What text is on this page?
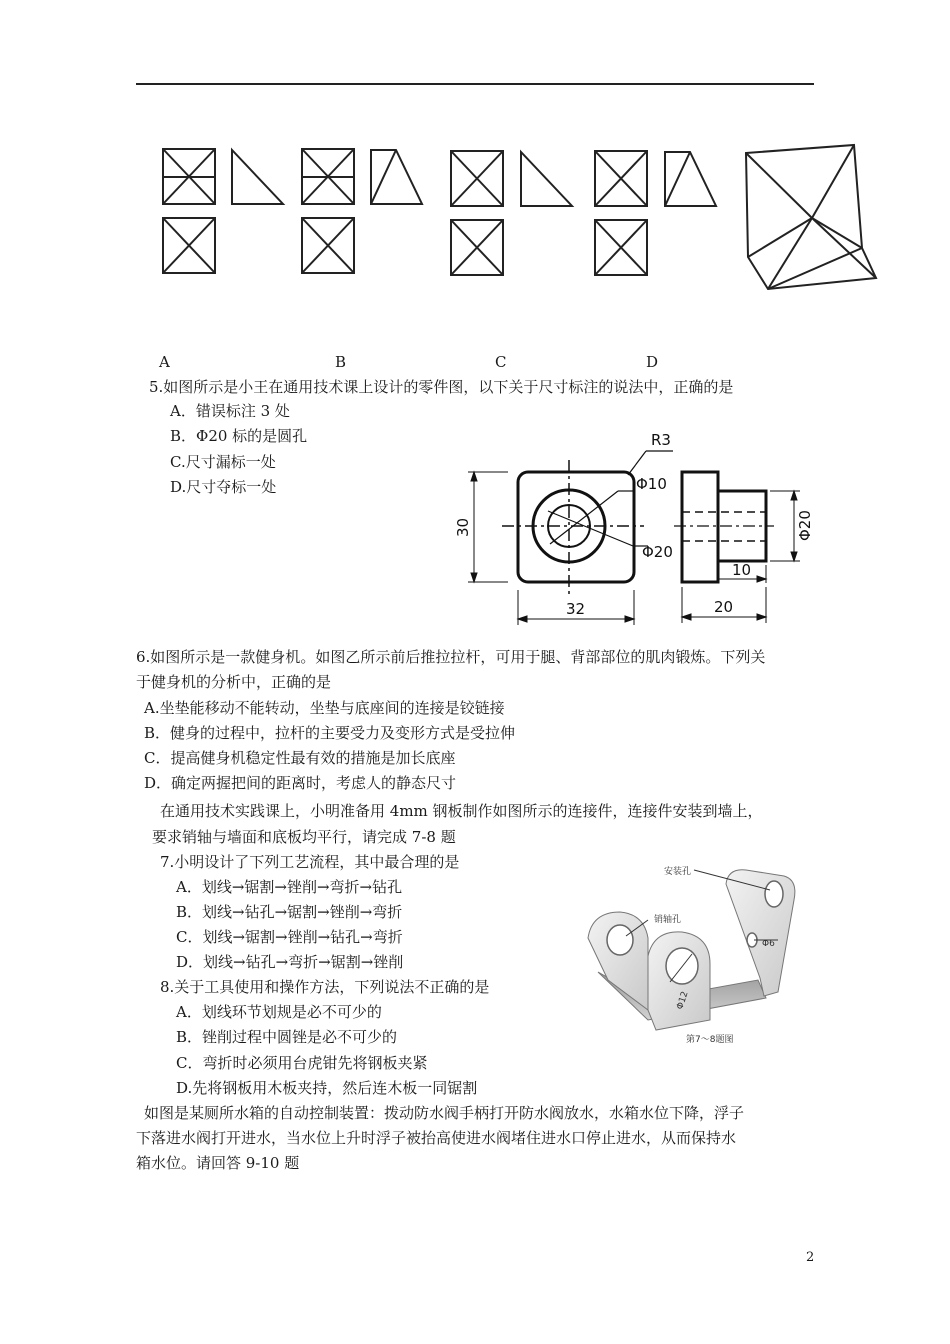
A	B	C	D
5.如图所示是小王在通用技术课上设计的零件图，以下关于尺寸标注的说法中，正确的是
A．错误标注 3 处
B．Φ20 标的是圆孔
C.尺寸漏标一处
D.尺寸夺标一处
R3
Φ10
Φ20
32
10
20
30	Φ20
6.如图所示是一款健身机。如图乙所示前后推拉拉杆，可用于腿、背部部位的肌肉锻炼。下列关
于健身机的分析中，正确的是
A.坐垫能移动不能转动，坐垫与底座间的连接是铰链接
B．健身的过程中，拉杆的主要受力及变形方式是受拉伸
C．提高健身机稳定性最有效的措施是加长底座
D．确定两握把间的距离时，考虑人的静态尺寸
在通用技术实践课上，小明准备用 4mm 钢板制作如图所示的连接件，连接件安装到墙上，
要求销轴与墙面和底板均平行，请完成 7-8 题
7.小明设计了下列工艺流程，其中最合理的是
A．划线→锯割→锉削→弯折→钻孔
B．划线→钻孔→锯割→锉削→弯折
C．划线→锯割→锉削→钻孔→弯折
D．划线→钻孔→弯折→锯割→锉削
8.关于工具使用和操作方法，下列说法不正确的是
A．划线环节划规是必不可少的
B．锉削过程中圆锉是必不可少的
C．弯折时必须用台虎钳先将钢板夹紧
D.先将钢板用木板夹持，然后连木板一同锯割
安装孔
销轴孔
Φ6
Φ12
第7～8题图
如图是某厕所水箱的自动控制装置：拨动防水阀手柄打开防水阀放水，水箱水位下降，浮子
下落进水阀打开进水，当水位上升时浮子被抬高使进水阀堵住进水口停止进水，从而保持水
箱水位。请回答 9-10 题
2
